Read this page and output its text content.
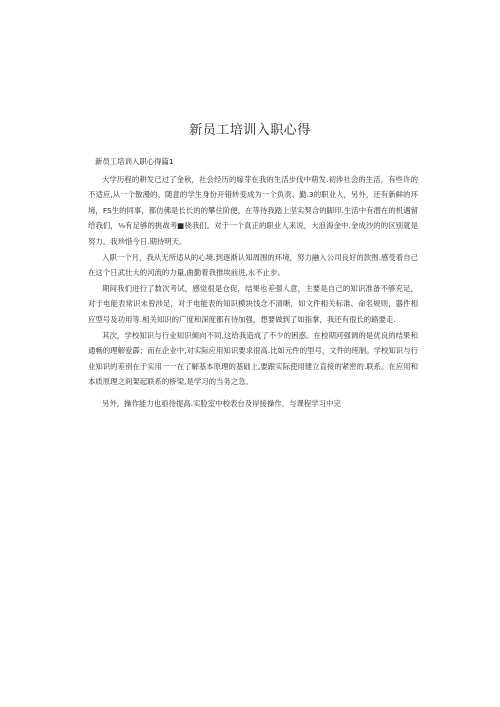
新员工培训入职心得
新员工培训入职心得篇1

大学历程的耕发已过了金秋，社会经历的嫁芽在我的生活步伐中萌发.初涉社会的生活，有些许的不适应,从一个散漫的、随意的学生身份开错转变成为一个负责、勤.3的职业人，另外，还有新鲜的环境，FS生的同事，都仿佛是长长的的攀住阶便，在等待我踏上坚实契合的脚印.生活中有潜在的机遇留给我们，⅛有足够的挑战考■骁我们。对于一个真正的职业人来说，大浪海金中.金成沙的的区别就是努力。我珍惜今日.期待明天。

入职一个月，我从无所适从的心境.到逐渐认知周围的环境，努力融入公司良好的款围.感受着自己在这个日武壮大的河流的力量,曲勤着我推埃前进,永不止步。

期间我们进行了数次考试，感觉很是仓促，结果也差强人意，主要是自己的知识准备不够充足，对于电能表常识未曾涉足，对于电能表的知识模块饯念不清晰，如文件相关标准、命名规则，器件相应型号及功用等.相关知识的广度和深度都有待加强，想要做到了如指掌，我还有很长的路要走.

其次，学校知识与行业知识倾向不同,这给我造成了不少的困惑。在校期河强调的是优良的结果和通畅的理解爱霹；而在企业中,对实际应用知识要求很高.比如元件的型号，文件的班制。学校知识与行业知识的差别在于实用一一在了解基本原理的基础上,要跟实际使用建立直接的紧密的.联系。在应用和本质原理之间架起联系的桥梁,是学习的当务之急。

另外，操作能力也亟待提高.实脸室中校表台及岸接操作，与课程学习中完
